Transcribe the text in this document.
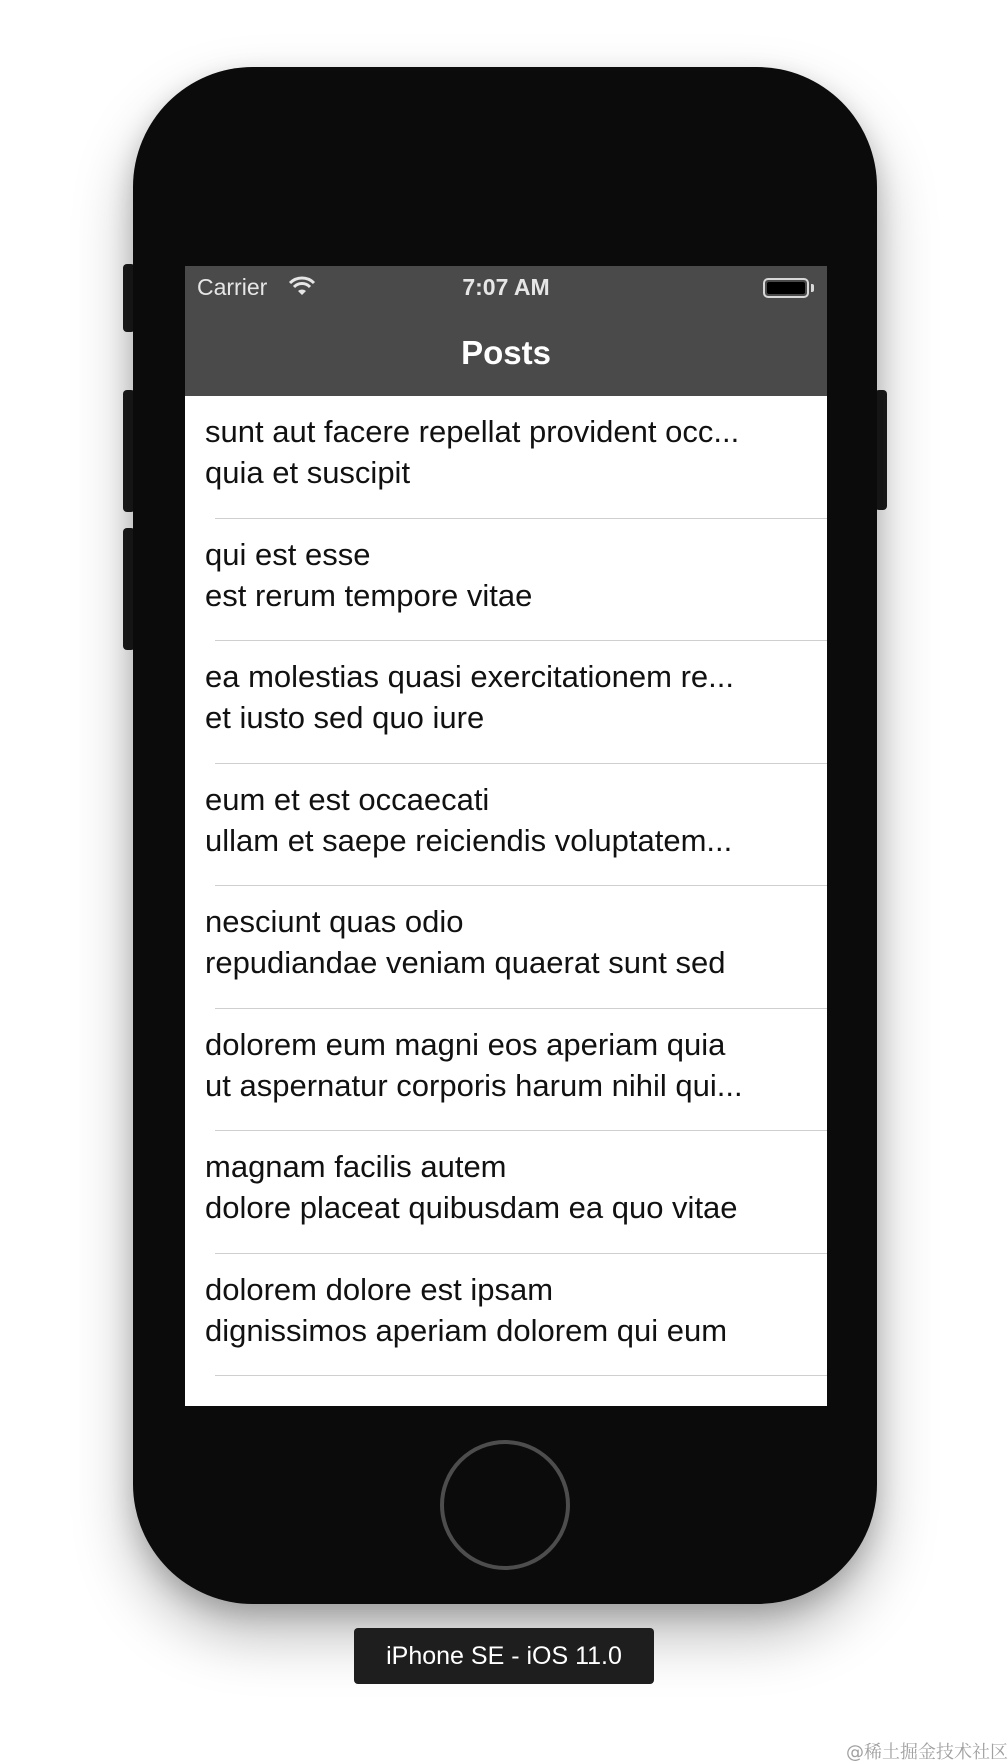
Carrier	7:07 AM
Posts
sunt aut facere repellat provident occ...
quia et suscipit
qui est esse
est rerum tempore vitae
ea molestias quasi exercitationem re...
et iusto sed quo iure
eum et est occaecati
ullam et saepe reiciendis voluptatem...
nesciunt quas odio
repudiandae veniam quaerat sunt sed
dolorem eum magni eos aperiam quia
ut aspernatur corporis harum nihil qui...
magnam facilis autem
dolore placeat quibusdam ea quo vitae
dolorem dolore est ipsam
dignissimos aperiam dolorem qui eum
iPhone SE - iOS 11.0
@稀土掘金技术社区
